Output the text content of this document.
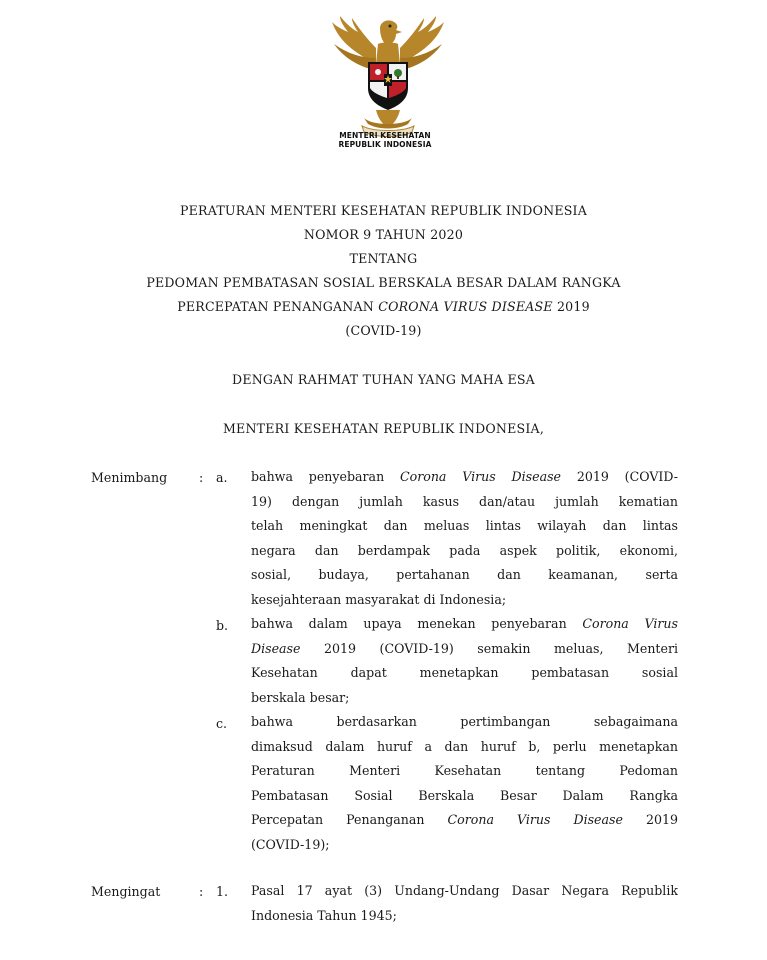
MENTERI KESEHATAN
REPUBLIK INDONESIA
PERATURAN MENTERI KESEHATAN REPUBLIK INDONESIA
NOMOR 9 TAHUN 2020
TENTANG
PEDOMAN PEMBATASAN SOSIAL BERSKALA BESAR DALAM RANGKA
PERCEPATAN PENANGANAN CORONA VIRUS DISEASE 2019
(COVID-19)
DENGAN RAHMAT TUHAN YANG MAHA ESA
MENTERI KESEHATAN REPUBLIK INDONESIA,
Menimbang	: a. bahwa penyebaran Corona Virus Disease 2019 (COVID-
19) dengan jumlah kasus dan/atau jumlah kematian
telah meningkat dan meluas lintas wilayah dan lintas
negara dan berdampak pada aspek politik, ekonomi,
sosial, budaya, pertahanan dan keamanan, serta
kesejahteraan masyarakat di Indonesia;
b. bahwa dalam upaya menekan penyebaran Corona Virus
Disease 2019 (COVID-19) semakin meluas, Menteri
Kesehatan dapat menetapkan pembatasan sosial
berskala besar;
c. bahwa berdasarkan pertimbangan sebagaimana
dimaksud dalam huruf a dan huruf b, perlu menetapkan
Peraturan Menteri Kesehatan tentang Pedoman
Pembatasan Sosial Berskala Besar Dalam Rangka
Percepatan Penanganan Corona Virus Disease 2019
(COVID-19);
Mengingat	: 1. Pasal 17 ayat (3) Undang-Undang Dasar Negara Republik
Indonesia Tahun 1945;
